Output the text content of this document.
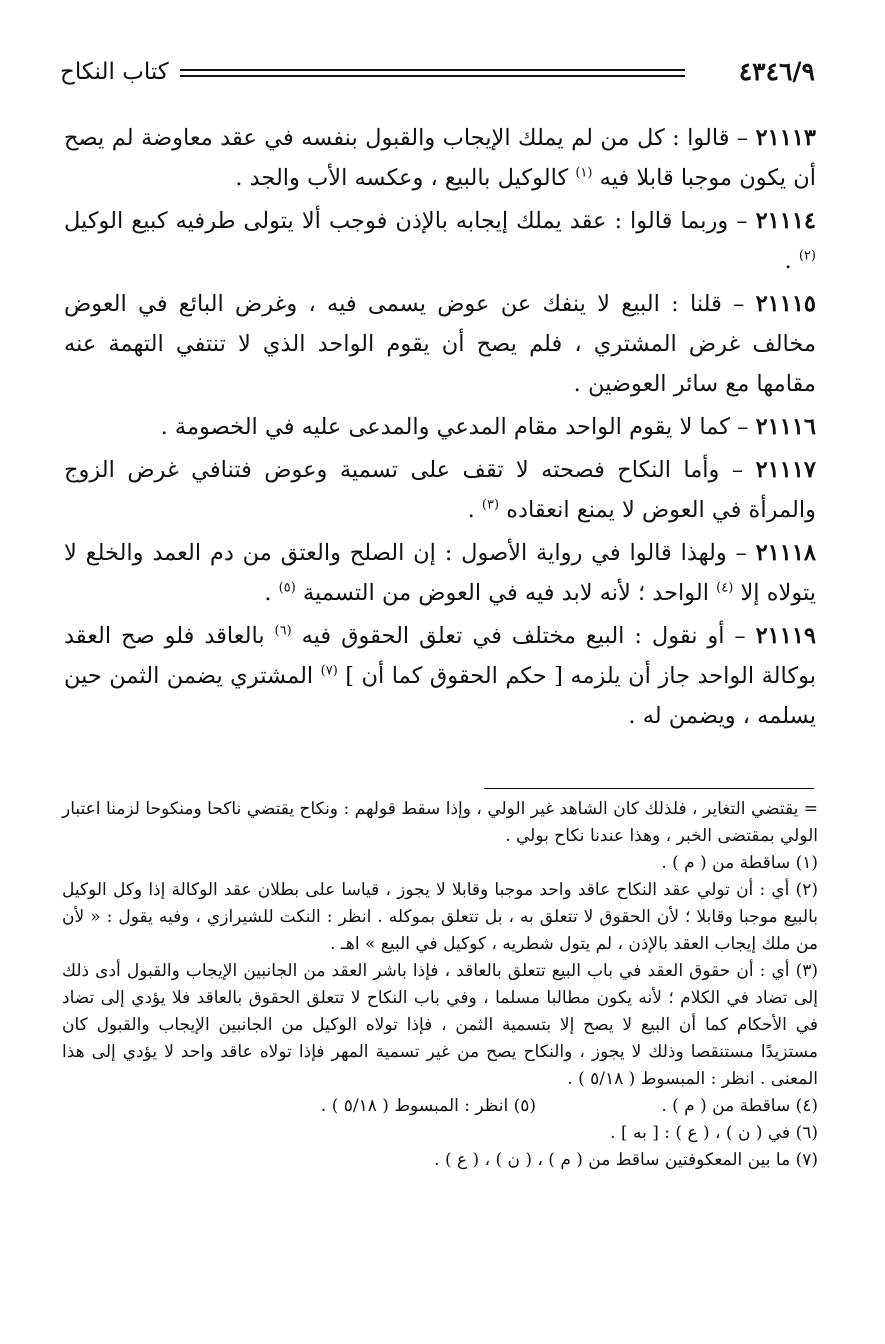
٤٣٤٦/٩
كتاب النكاح

٢١١١٣ – قالوا : كل من لم يملك الإيجاب والقبول بنفسه في عقد معاوضة لم يصح أن يكون موجبا قابلا فيه $^{(١)}$ كالوكيل بالبيع ، وعكسه الأب والجد .

٢١١١٤ – وربما قالوا : عقد يملك إيجابه بالإذن فوجب ألا يتولى طرفيه كبيع الوكيل $^{(٢)}$ .

٢١١١٥ – قلنا : البيع لا ينفك عن عوض يسمى فيه ، وغرض البائع في العوض مخالف غرض المشتري ، فلم يصح أن يقوم الواحد الذي لا تنتفي التهمة عنه مقامها مع سائر العوضين .

٢١١١٦ – كما لا يقوم الواحد مقام المدعي والمدعى عليه في الخصومة .

٢١١١٧ – وأما النكاح فصحته لا تقف على تسمية وعوض فتنافي غرض الزوج والمرأة في العوض لا يمنع انعقاده $^{(٣)}$ .

٢١١١٨ – ولهذا قالوا في رواية الأصول : إن الصلح والعتق من دم العمد والخلع لا يتولاه إلا $^{(٤)}$ الواحد ؛ لأنه لابد فيه في العوض من التسمية $^{(٥)}$ .

٢١١١٩ – أو نقول : البيع مختلف في تعلق الحقوق فيه $^{(٦)}$ بالعاقد فلو صح العقد بوكالة الواحد جاز أن يلزمه [ حكم الحقوق كما أن ] $^{(٧)}$ المشتري يضمن الثمن حين يسلمه ، ويضمن له .

= يقتضي التغاير ، فلذلك كان الشاهد غير الولي ، وإذا سقط قولهم : ونكاح يقتضي ناكحا ومنكوحا لزمنا اعتبار الولي بمقتضى الخبر ، وهذا عندنا نكاح بولي .

(١) ساقطة من ( م ) .

(٢) أي : أن تولي عقد النكاح عاقد واحد موجبا وقابلا لا يجوز ، قياسا على بطلان عقد الوكالة إذا وكل الوكيل بالبيع موجبا وقابلا ؛ لأن الحقوق لا تتعلق به ، بل تتعلق بموكله . انظر : النكت للشيرازي ، وفيه يقول : « لأن من ملك إيجاب العقد بالإذن ، لم يتول شطريه ، كوكيل في البيع » اهـ .

(٣) أي : أن حقوق العقد في باب البيع تتعلق بالعاقد ، فإذا باشر العقد من الجانبين الإيجاب والقبول أدى ذلك إلى تضاد في الكلام ؛ لأنه يكون مطالبا مسلما ، وفي باب النكاح لا تتعلق الحقوق بالعاقد فلا يؤدي إلى تضاد في الأحكام كما أن البيع لا يصح إلا بتسمية الثمن ، فإذا تولاه الوكيل من الجانبين الإيجاب والقبول كان مستزيدًا مستنقصا وذلك لا يجوز ، والنكاح يصح من غير تسمية المهر فإذا تولاه عاقد واحد لا يؤدي إلى هذا المعنى . انظر : المبسوط ( ٥/١٨ ) .

(٤) ساقطة من ( م ) .

(٥) انظر : المبسوط ( ٥/١٨ ) .

(٦) في ( ن ) ، ( ع ) : [ به ] .

(٧) ما بين المعكوفتين ساقط من ( م ) ، ( ن ) ، ( ع ) .
